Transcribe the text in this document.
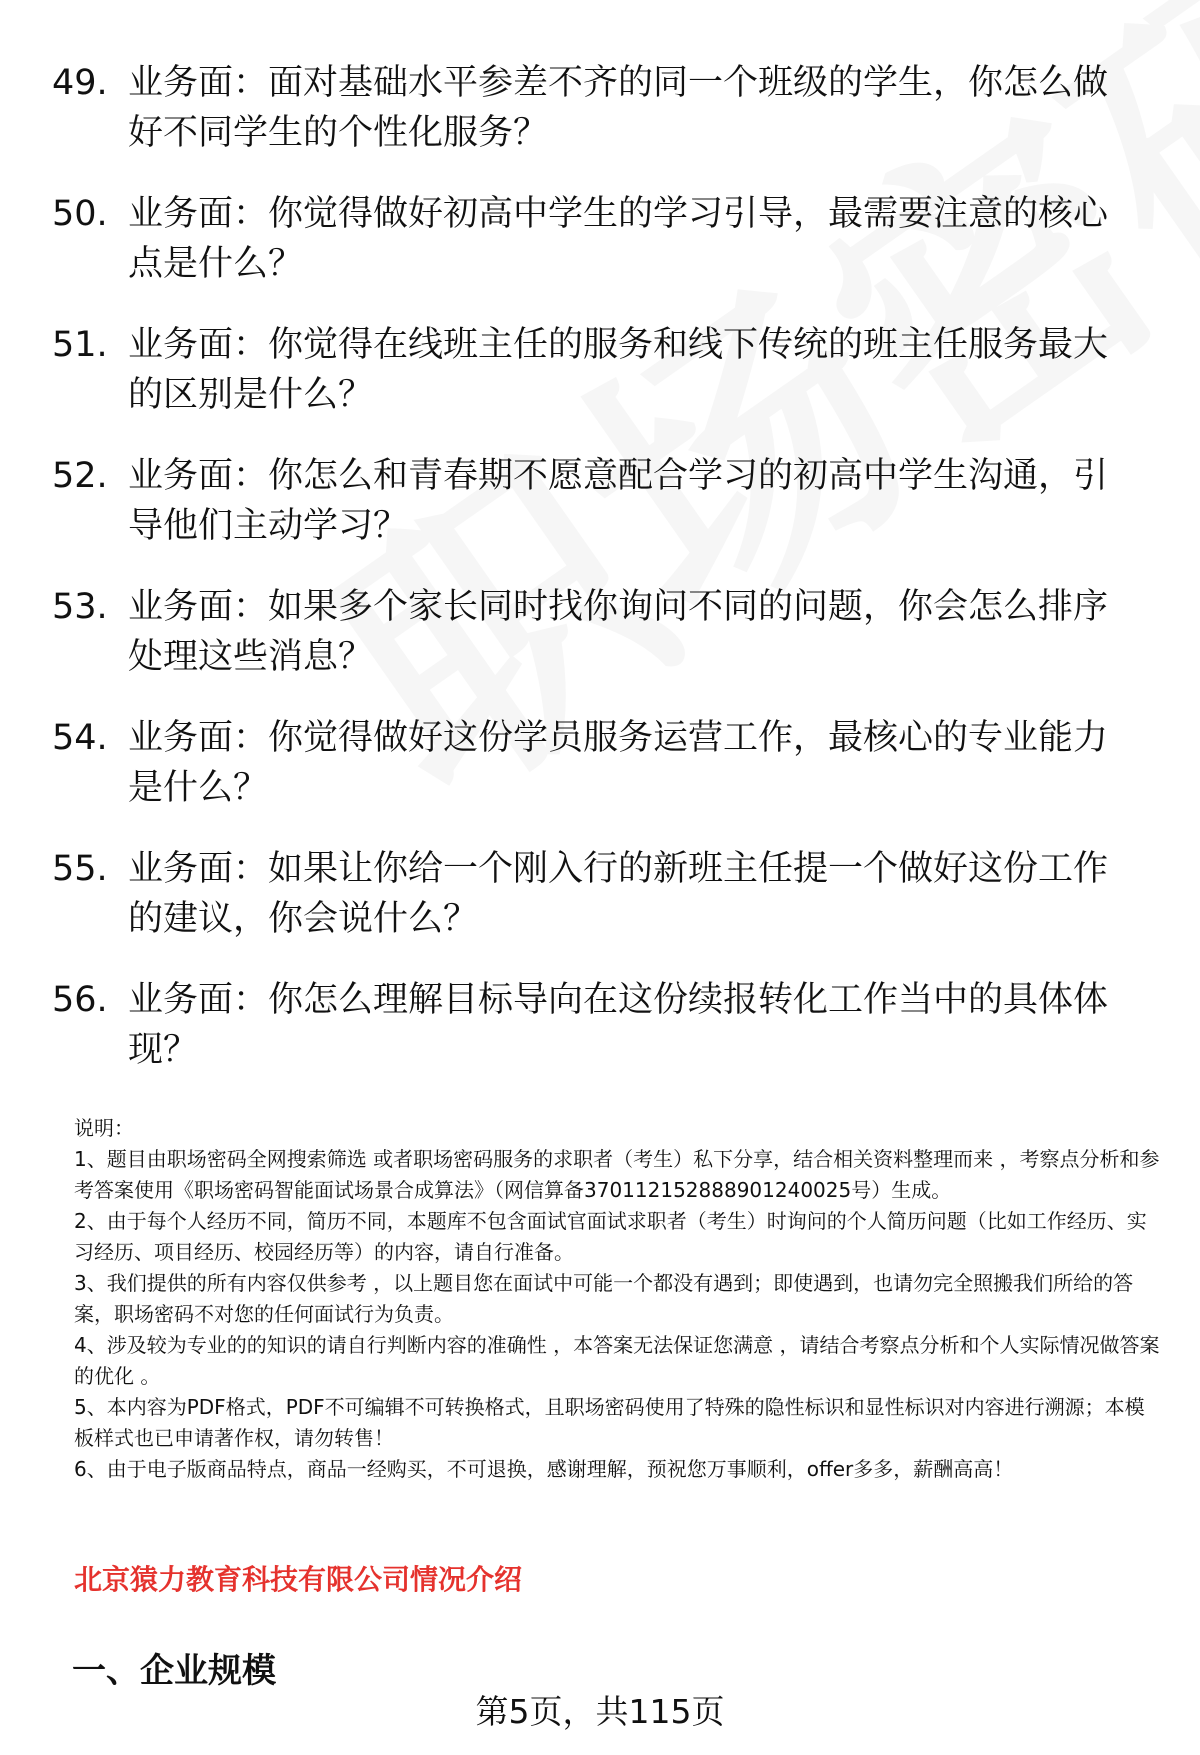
49. 业务面：面对基础水平参差不齐的同一个班级的学生，你怎么做好不同学生的个性化服务？
50. 业务面：你觉得做好初高中学生的学习引导，最需要注意的核心点是什么？
51. 业务面：你觉得在线班主任的服务和线下传统的班主任服务最大的区别是什么？
52. 业务面：你怎么和青春期不愿意配合学习的初高中学生沟通，引导他们主动学习？
53. 业务面：如果多个家长同时找你询问不同的问题，你会怎么排序处理这些消息？
54. 业务面：你觉得做好这份学员服务运营工作，最核心的专业能力是什么？
55. 业务面：如果让你给一个刚入行的新班主任提一个做好这份工作的建议，你会说什么？
56. 业务面：你怎么理解目标导向在这份续报转化工作当中的具体体现？

说明：

1、题目由职场密码全网搜索筛选 或者职场密码服务的求职者（考生）私下分享，结合相关资料整理而来 ，考察点分析和参考答案使用《职场密码智能面试场景合成算法》（网信算备370112152888901240025号）生成。

2、由于每个人经历不同，简历不同，本题库不包含面试官面试求职者（考生）时询问的个人简历问题（比如工作经历、实习经历、项目经历、校园经历等）的内容，请自行准备。

3、我们提供的所有内容仅供参考 ，以上题目您在面试中可能一个都没有遇到；即使遇到，也请勿完全照搬我们所给的答案，职场密码不对您的任何面试行为负责。

4、涉及较为专业的的知识的请自行判断内容的准确性 ，本答案无法保证您满意 ，请结合考察点分析和个人实际情况做答案的优化 。

5、本内容为PDF格式，PDF不可编辑不可转换格式，且职场密码使用了特殊的隐性标识和显性标识对内容进行溯源；本模板样式也已申请著作权，请勿转售！

6、由于电子版商品特点，商品一经购买，不可退换，感谢理解，预祝您万事顺利，offer多多，薪酬高高！

北京猿力教育科技有限公司情况介绍
一、企业规模
第5页，共115页
